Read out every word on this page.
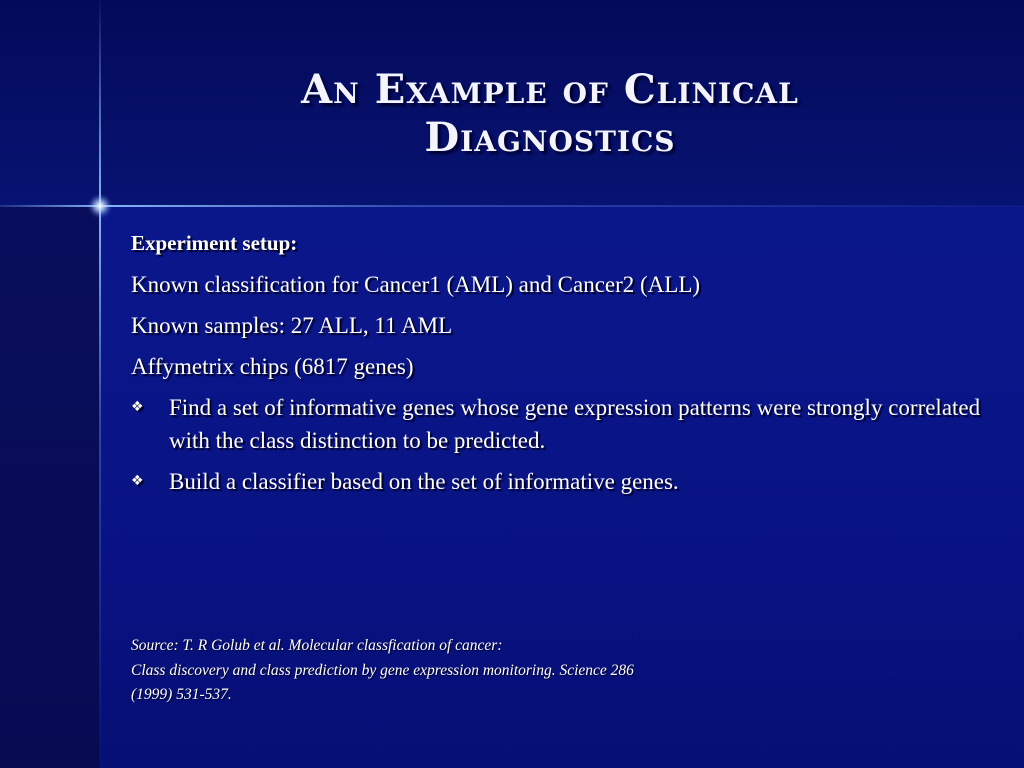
An Example of Clinical
Diagnostics
Experiment setup:
Known classification for Cancer1 (AML) and Cancer2 (ALL)
Known samples: 27 ALL, 11 AML
Affymetrix chips (6817 genes)
❖ Find a set of informative genes whose gene expression patterns were strongly correlated with the class distinction to be predicted.
❖ Build a classifier based on the set of informative genes.
Source: T. R Golub et al. Molecular classfication of cancer:
Class discovery and class prediction by gene expression monitoring. Science 286
(1999) 531-537.
